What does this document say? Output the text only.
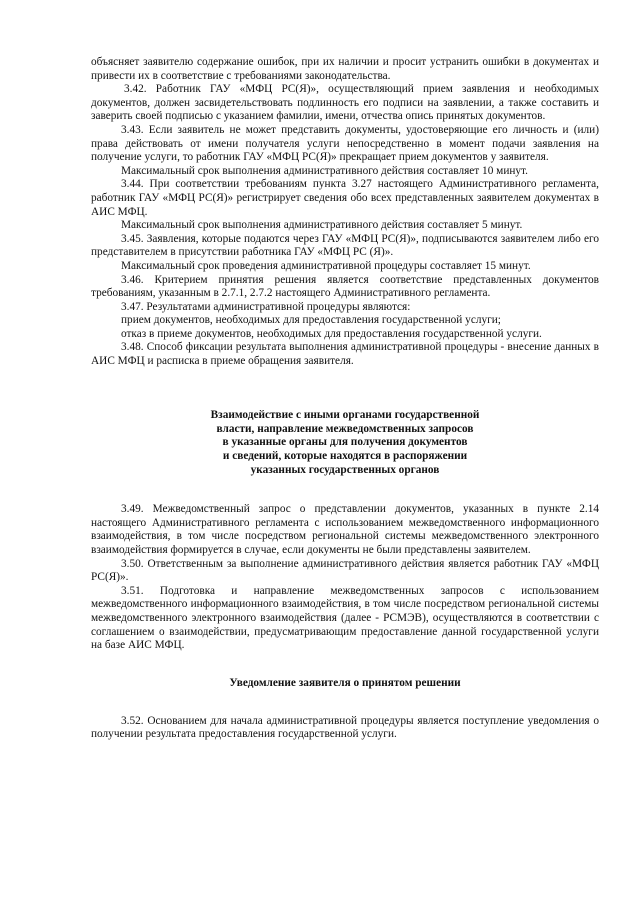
объясняет заявителю содержание ошибок, при их наличии и просит устранить ошибки в документах и привести их в соответствие с требованиями законодательства.

3.42. Работник ГАУ «МФЦ РС(Я)», осуществляющий прием заявления и необходимых документов, должен засвидетельствовать подлинность его подписи на заявлении, а также составить и заверить своей подписью с указанием фамилии, имени, отчества опись принятых документов.

3.43. Если заявитель не может представить документы, удостоверяющие его личность и (или) права действовать от имени получателя услуги непосредственно в момент подачи заявления на получение услуги, то работник ГАУ «МФЦ РС(Я)» прекращает прием документов у заявителя.

Максимальный срок выполнения административного действия составляет 10 минут.

3.44. При соответствии требованиям пункта 3.27 настоящего Административного регламента, работник ГАУ «МФЦ РС(Я)» регистрирует сведения обо всех представленных заявителем документах в АИС МФЦ.

Максимальный срок выполнения административного действия составляет 5 минут.

3.45. Заявления, которые подаются через ГАУ «МФЦ РС(Я)», подписываются заявителем либо его представителем в присутствии работника ГАУ «МФЦ РС (Я)».

Максимальный срок проведения административной процедуры составляет 15 минут.

3.46. Критерием принятия решения является соответствие представленных документов требованиям, указанным в 2.7.1, 2.7.2 настоящего Административного регламента.

3.47. Результатами административной процедуры являются:

прием документов, необходимых для предоставления государственной услуги;

отказ в приеме документов, необходимых для предоставления государственной услуги.

3.48. Способ фиксации результата выполнения административной процедуры - внесение данных в АИС МФЦ и расписка в приеме обращения заявителя.

Взаимодействие с иными органами государственной
власти, направление межведомственных запросов
в указанные органы для получения документов
и сведений, которые находятся в распоряжении
указанных государственных органов

3.49. Межведомственный запрос о представлении документов, указанных в пункте 2.14 настоящего Административного регламента с использованием межведомственного информационного взаимодействия, в том числе посредством региональной системы межведомственного электронного взаимодействия формируется в случае, если документы не были представлены заявителем.

3.50. Ответственным за выполнение административного действия является работник ГАУ «МФЦ РС(Я)».

3.51. Подготовка и направление межведомственных запросов с использованием межведомственного информационного взаимодействия, в том числе посредством региональной системы межведомственного электронного взаимодействия (далее - РСМЭВ), осуществляются в соответствии с соглашением о взаимодействии, предусматривающим предоставление данной государственной услуги на базе АИС МФЦ.

Уведомление заявителя о принятом решении

3.52. Основанием для начала административной процедуры является поступление уведомления о получении результата предоставления государственной услуги.
